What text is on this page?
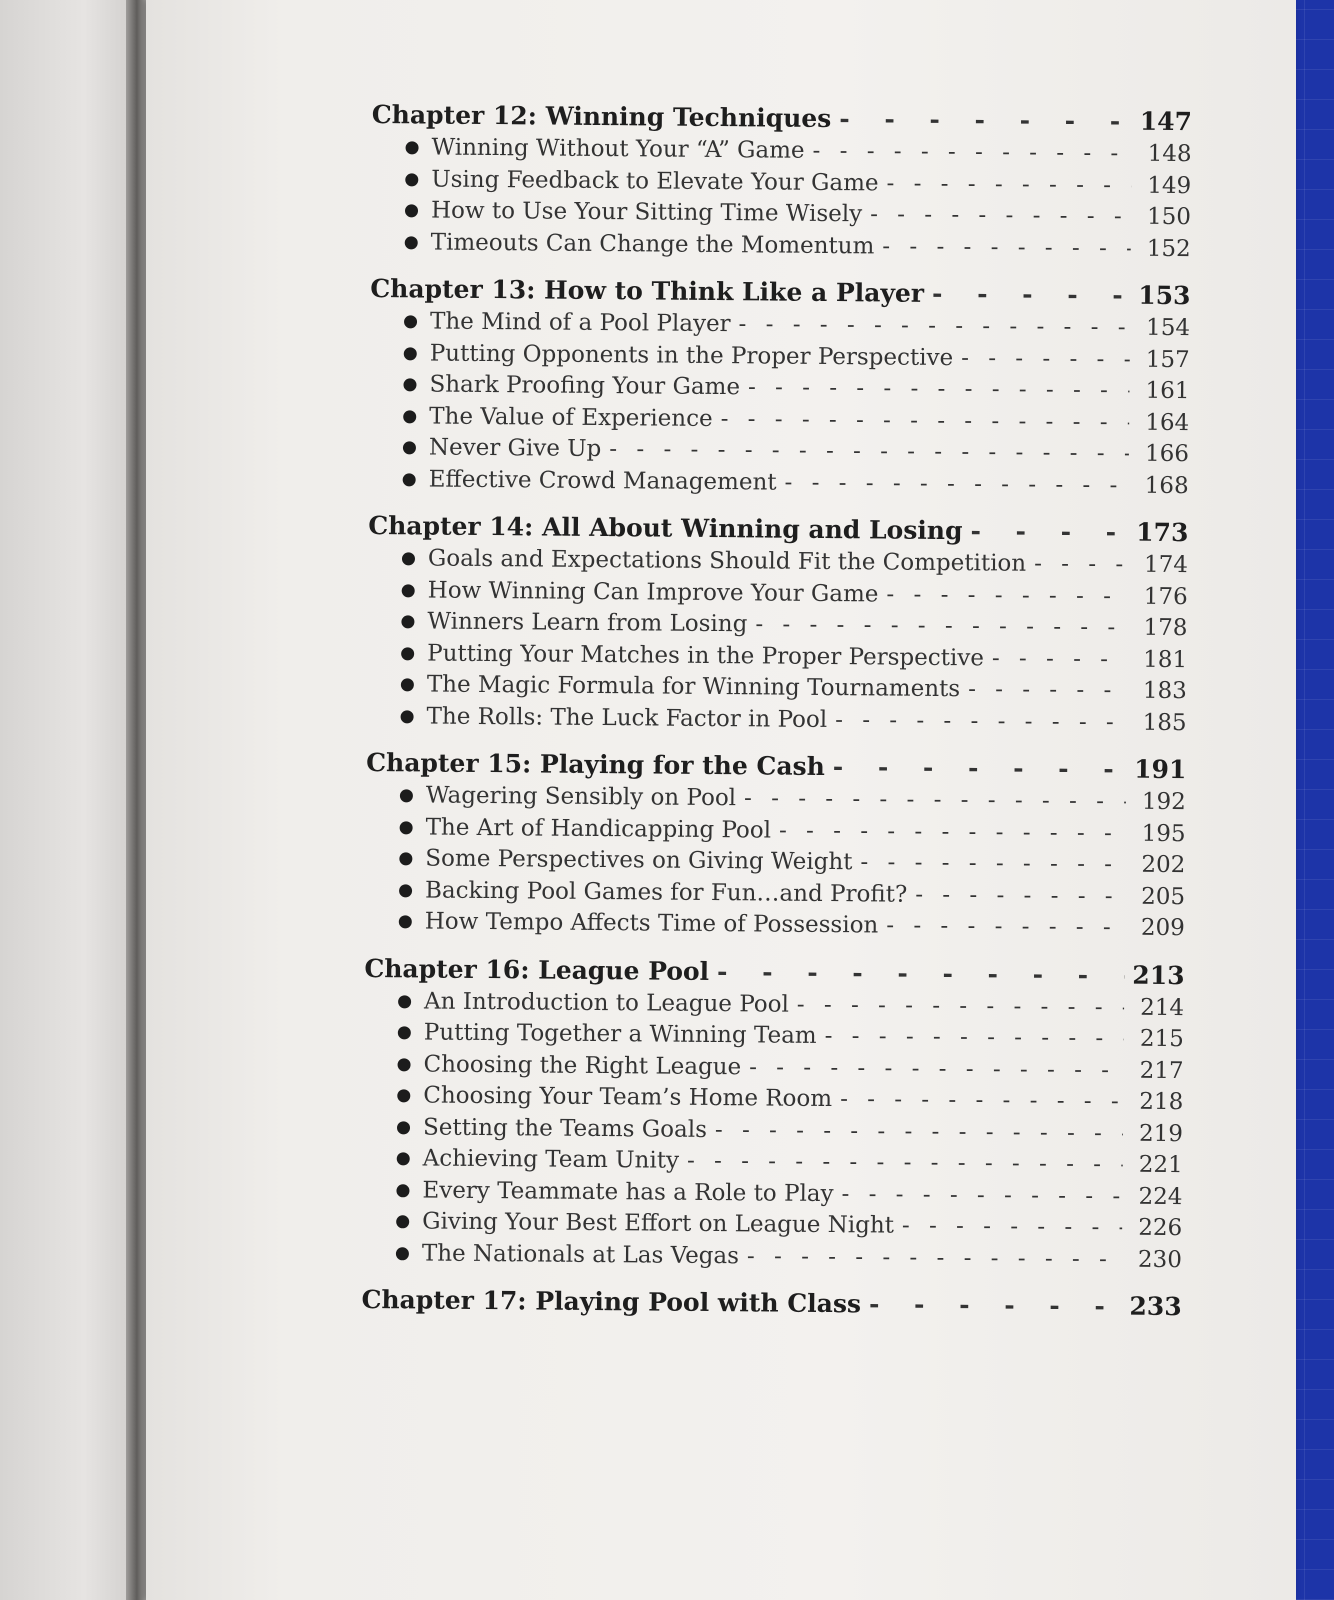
Chapter 12: Winning Techniques - - -	147
Winning Without Your “A” Game - - -	148
Using Feedback to Elevate Your Game - - -	149
How to Use Your Sitting Time Wisely - - -	150
Timeouts Can Change the Momentum - - -	152
Chapter 13: How to Think Like a Player - - -	153
The Mind of a Pool Player - - -	154
Putting Opponents in the Proper Perspective - - -	157
Shark Proofing Your Game - - -	161
The Value of Experience - - -	164
Never Give Up - - -	166
Effective Crowd Management - - -	168
Chapter 14: All About Winning and Losing - - -	173
Goals and Expectations Should Fit the Competition - - -	174
How Winning Can Improve Your Game - - -	176
Winners Learn from Losing - - -	178
Putting Your Matches in the Proper Perspective - - -	181
The Magic Formula for Winning Tournaments - - -	183
The Rolls: The Luck Factor in Pool - - -	185
Chapter 15: Playing for the Cash - - -	191
Wagering Sensibly on Pool - - -	192
The Art of Handicapping Pool - - -	195
Some Perspectives on Giving Weight - - -	202
Backing Pool Games for Fun…and Profit? - - -	205
How Tempo Affects Time of Possession - - -	209
Chapter 16: League Pool - - -	213
An Introduction to League Pool - - -	214
Putting Together a Winning Team - - -	215
Choosing the Right League - - -	217
Choosing Your Team’s Home Room - - -	218
Setting the Teams Goals - - -	219
Achieving Team Unity - - -	221
Every Teammate has a Role to Play - - -	224
Giving Your Best Effort on League Night - - -	226
The Nationals at Las Vegas - - -	230
Chapter 17: Playing Pool with Class - - -	233
